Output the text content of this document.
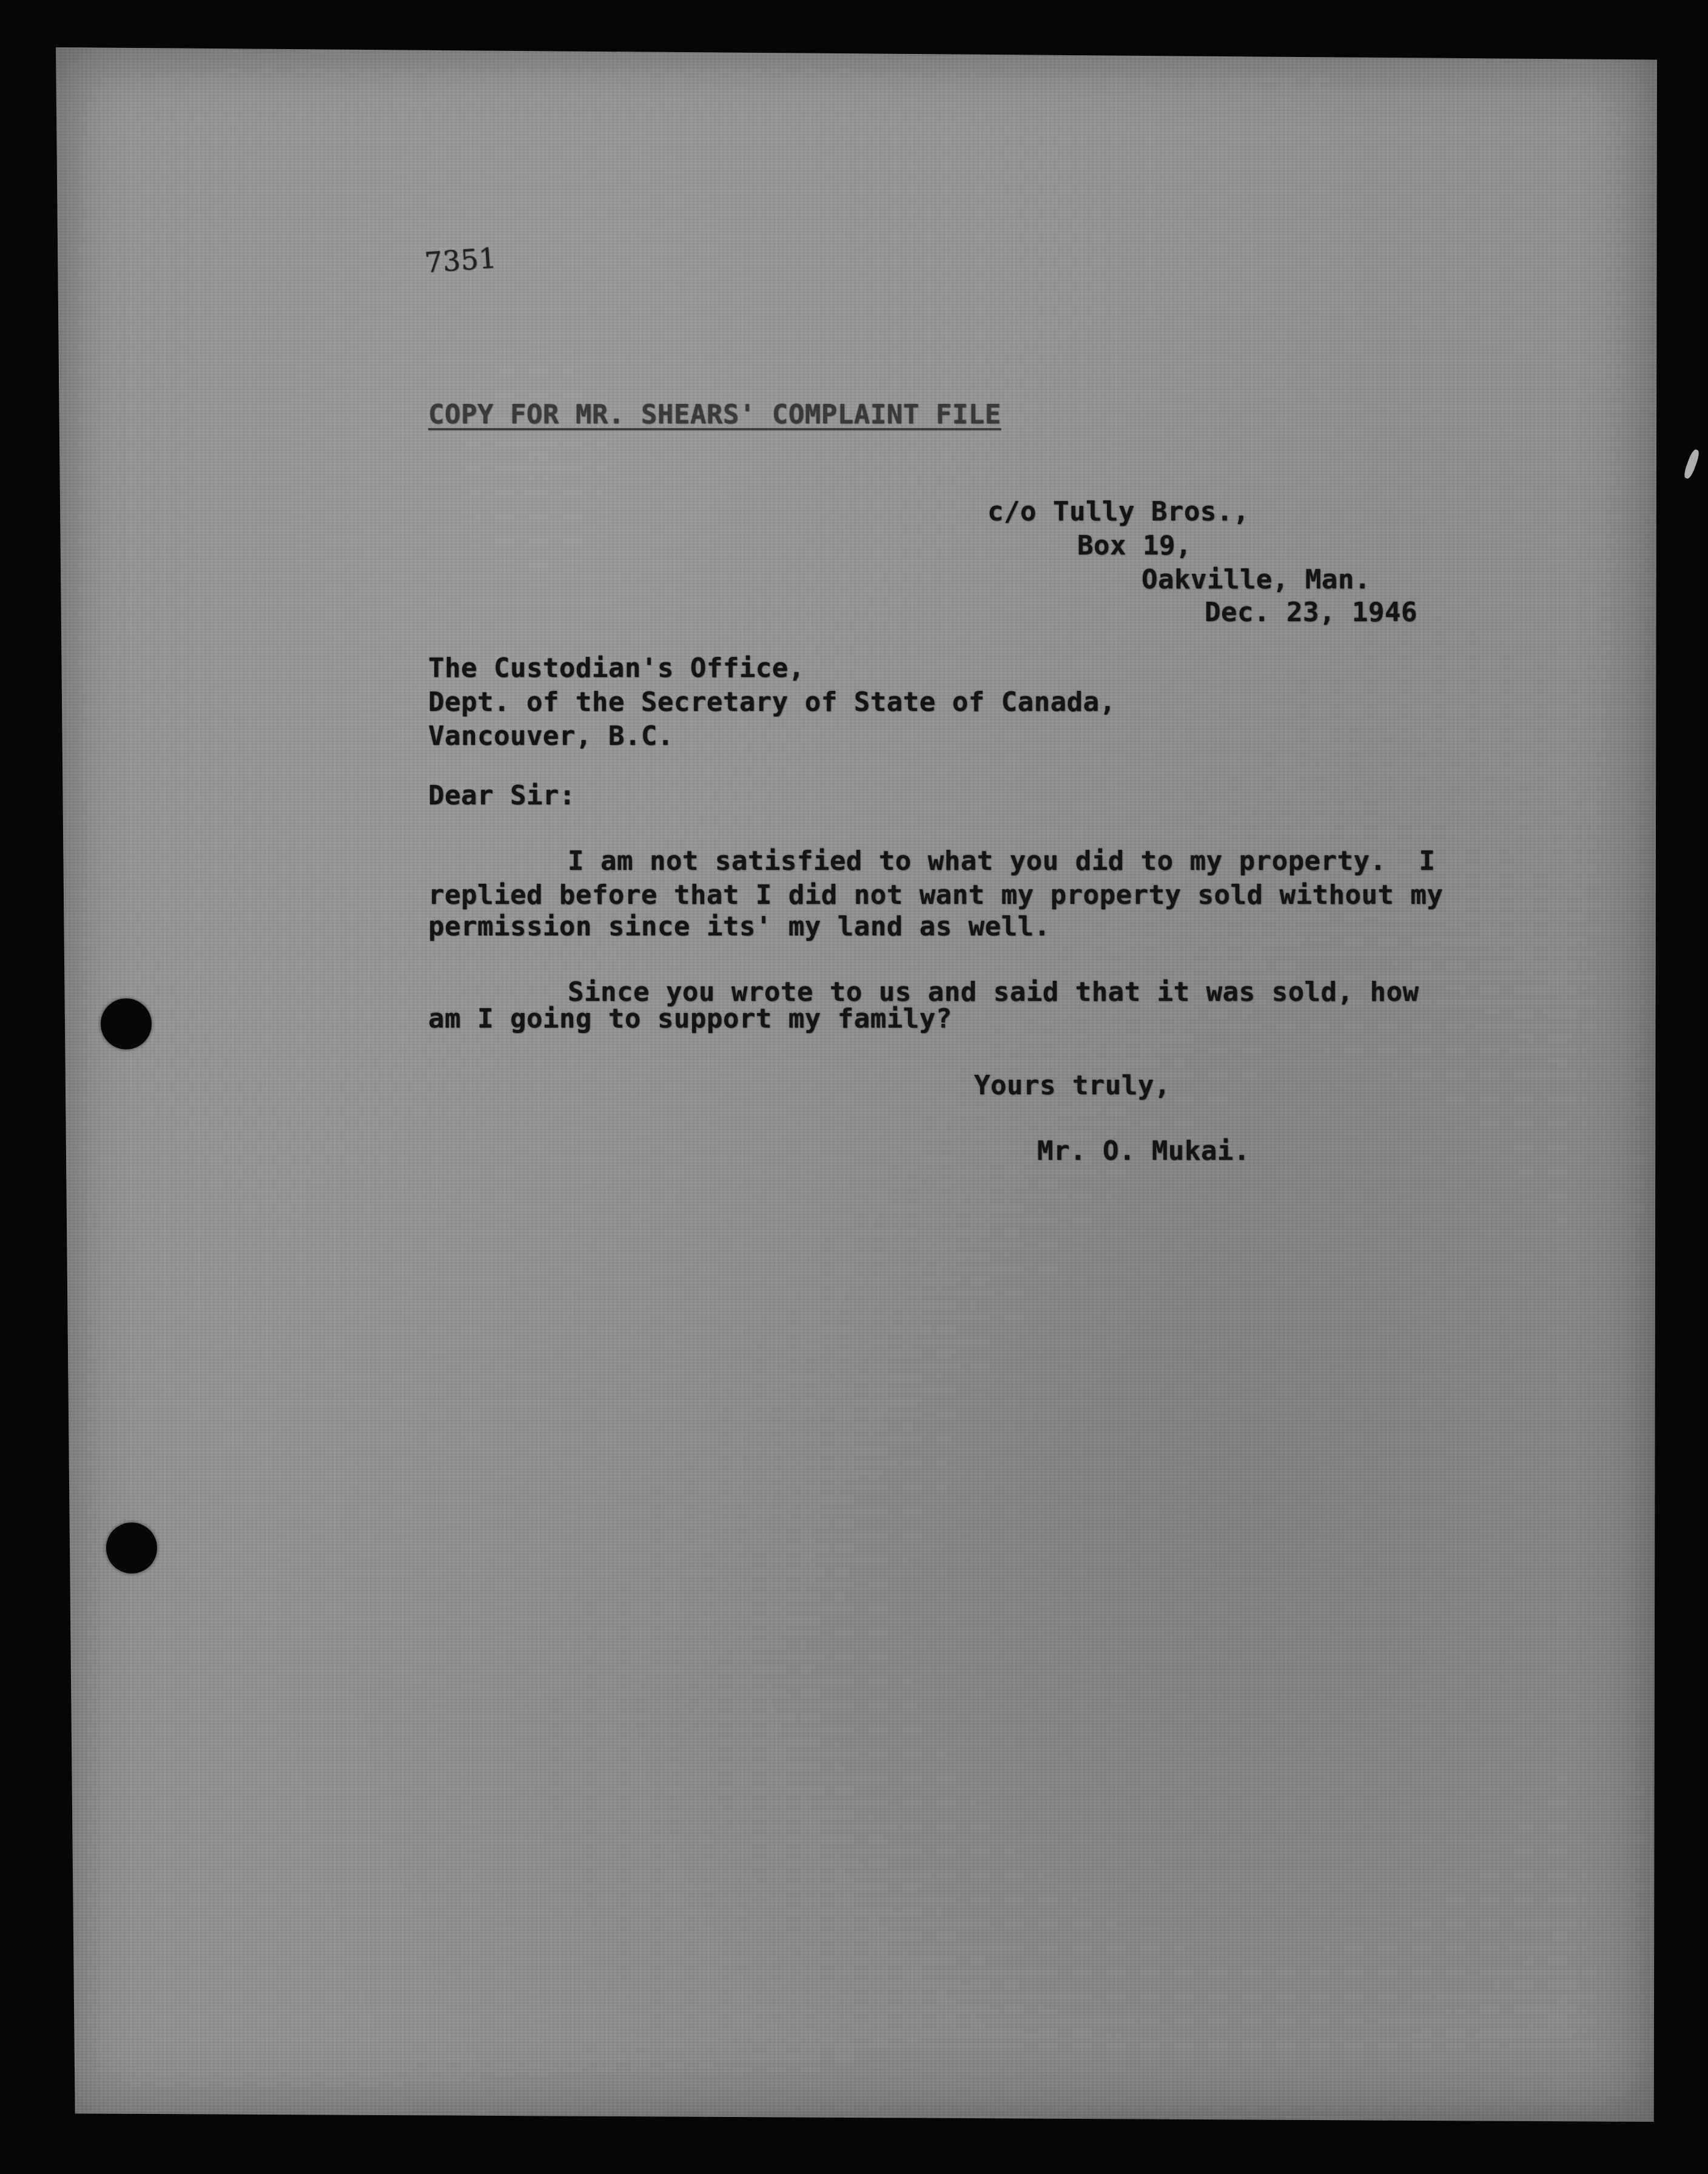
7351
COPY FOR MR. SHEARS' COMPLAINT FILE
c/o Tully Bros.,
Box 19,
Oakville, Man.
Dec. 23, 1946
The Custodian's Office,
Dept. of the Secretary of State of Canada,
Vancouver, B.C.
Dear Sir:
I am not satisfied to what you did to my property.  I
replied before that I did not want my property sold without my
permission since its' my land as well.
Since you wrote to us and said that it was sold, how
am I going to support my family?
Yours truly,
Mr. O. Mukai.
